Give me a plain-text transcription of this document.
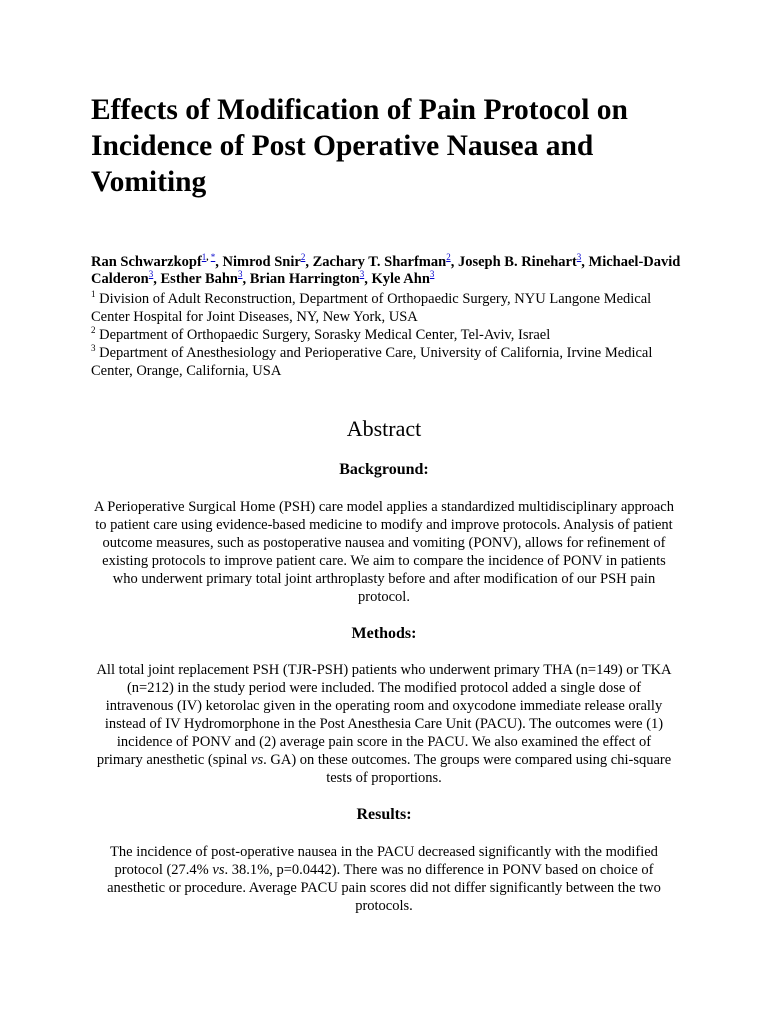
Effects of Modification of Pain Protocol on Incidence of Post Operative Nausea and Vomiting

Ran Schwarzkopf$^{1, *}$, Nimrod Snir$^2$, Zachary T. Sharfman$^2$, Joseph B. Rinehart$^3$, Michael-David Calderon$^3$, Esther Bahn$^3$, Brian Harrington$^3$, Kyle Ahn$^3$

$^1$ Division of Adult Reconstruction, Department of Orthopaedic Surgery, NYU Langone Medical Center Hospital for Joint Diseases, NY, New York, USA
$^2$ Department of Orthopaedic Surgery, Sorasky Medical Center, Tel-Aviv, Israel
$^3$ Department of Anesthesiology and Perioperative Care, University of California, Irvine Medical Center, Orange, California, USA
Abstract
Background:

A Perioperative Surgical Home (PSH) care model applies a standardized multidisciplinary approach to patient care using evidence-based medicine to modify and improve protocols. Analysis of patient outcome measures, such as postoperative nausea and vomiting (PONV), allows for refinement of existing protocols to improve patient care. We aim to compare the incidence of PONV in patients who underwent primary total joint arthroplasty before and after modification of our PSH pain protocol.

Methods:

All total joint replacement PSH (TJR-PSH) patients who underwent primary THA (n=149) or TKA (n=212) in the study period were included. The modified protocol added a single dose of intravenous (IV) ketorolac given in the operating room and oxycodone immediate release orally instead of IV Hydromorphone in the Post Anesthesia Care Unit (PACU). The outcomes were (1) incidence of PONV and (2) average pain score in the PACU. We also examined the effect of primary anesthetic (spinal vs. GA) on these outcomes. The groups were compared using chi-square tests of proportions.

Results:

The incidence of post-operative nausea in the PACU decreased significantly with the modified protocol (27.4% vs. 38.1%, p=0.0442). There was no difference in PONV based on choice of anesthetic or procedure. Average PACU pain scores did not differ significantly between the two protocols.
